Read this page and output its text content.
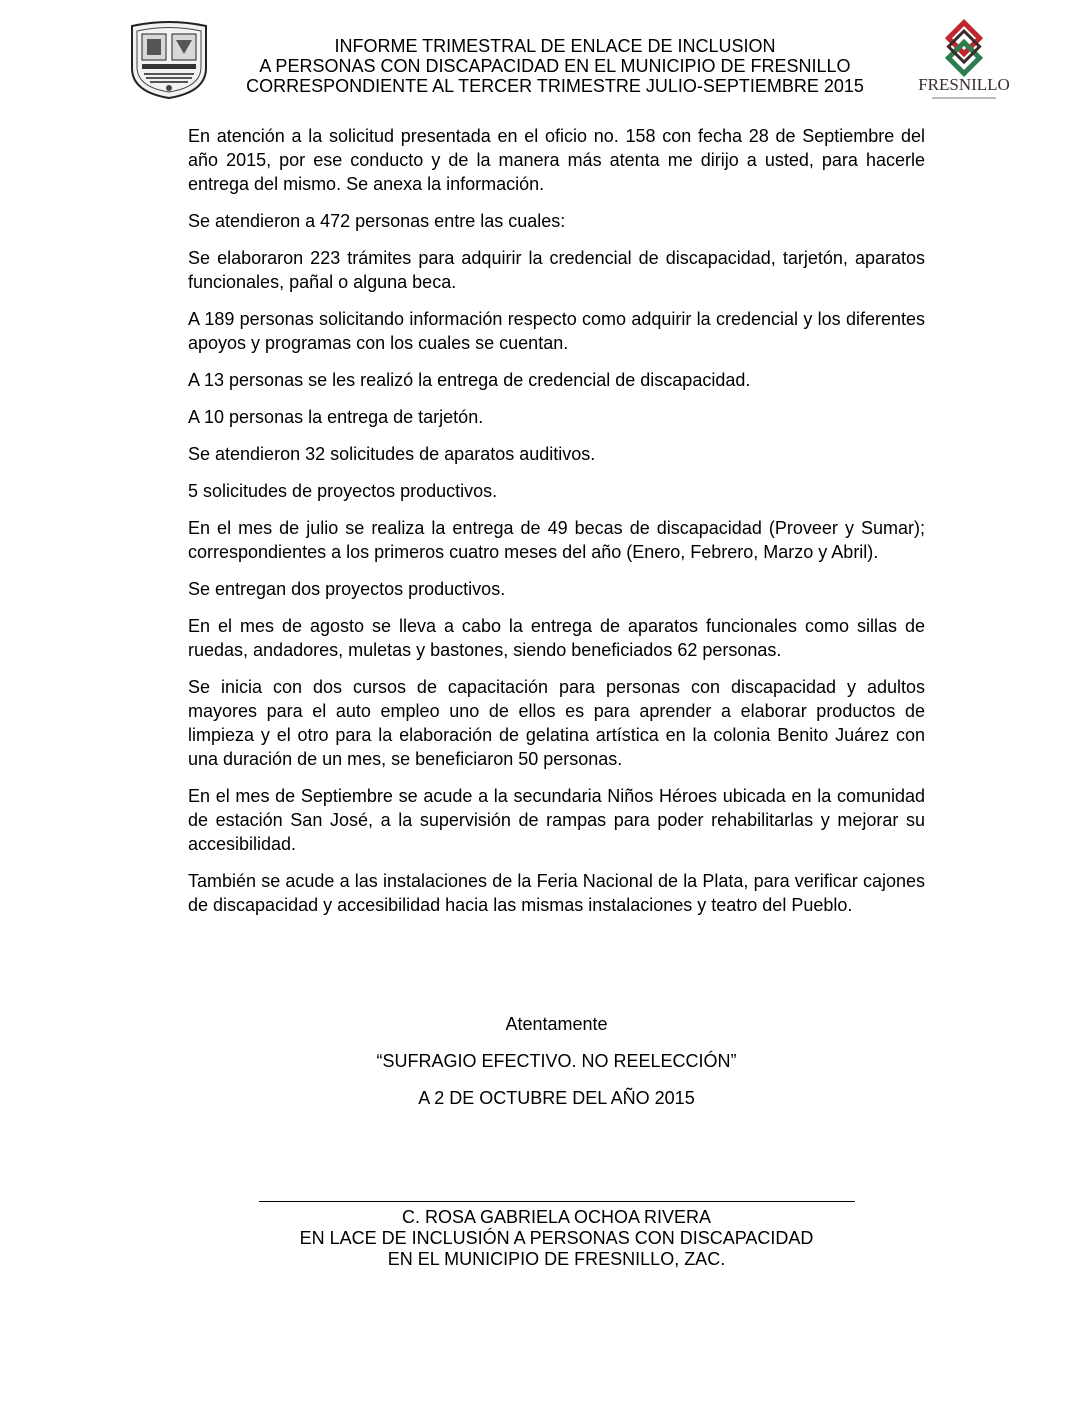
FRESNILLO
INFORME TRIMESTRAL DE ENLACE DE INCLUSION
A PERSONAS CON DISCAPACIDAD EN EL MUNICIPIO DE FRESNILLO
CORRESPONDIENTE AL TERCER TRIMESTRE JULIO-SEPTIEMBRE 2015

En atención a la solicitud presentada en el oficio no. 158 con fecha 28 de Septiembre del año 2015, por ese conducto y de la manera más atenta me dirijo a usted, para hacerle entrega del mismo. Se anexa la información.

Se atendieron a 472 personas entre las cuales:

Se elaboraron 223 trámites para adquirir la credencial de discapacidad, tarjetón, aparatos funcionales, pañal o alguna beca.

A 189 personas solicitando información respecto como adquirir la credencial y los diferentes apoyos y programas con los cuales se cuentan.

A 13 personas se les realizó la entrega de credencial de discapacidad.

A 10 personas la entrega de tarjetón.

Se atendieron 32 solicitudes de aparatos auditivos.

5 solicitudes de proyectos productivos.

En el mes de julio se realiza la entrega de 49 becas de discapacidad (Proveer y Sumar); correspondientes a los primeros cuatro meses del año (Enero, Febrero, Marzo y Abril).

Se entregan dos proyectos productivos.

En el mes de agosto se lleva a cabo la entrega de aparatos funcionales como sillas de ruedas, andadores, muletas y bastones, siendo beneficiados 62 personas.

Se inicia con dos cursos de capacitación para personas con discapacidad y adultos mayores para el auto empleo uno de ellos es para aprender a elaborar productos de limpieza y el otro para la elaboración de gelatina artística en la colonia Benito Juárez con una duración de un mes, se beneficiaron 50 personas.

En el mes de Septiembre se acude a la secundaria Niños Héroes ubicada en la comunidad de estación San José, a la supervisión de rampas para poder rehabilitarlas y mejorar su accesibilidad.

También se acude a las instalaciones de la Feria Nacional de la Plata, para verificar cajones de discapacidad y accesibilidad hacia las mismas instalaciones y teatro del Pueblo.

Atentamente

“SUFRAGIO EFECTIVO. NO REELECCIÓN”

A 2 DE OCTUBRE DEL AÑO 2015

C. ROSA GABRIELA OCHOA RIVERA
EN LACE DE INCLUSIÓN A PERSONAS CON DISCAPACIDAD
EN EL MUNICIPIO DE FRESNILLO, ZAC.
